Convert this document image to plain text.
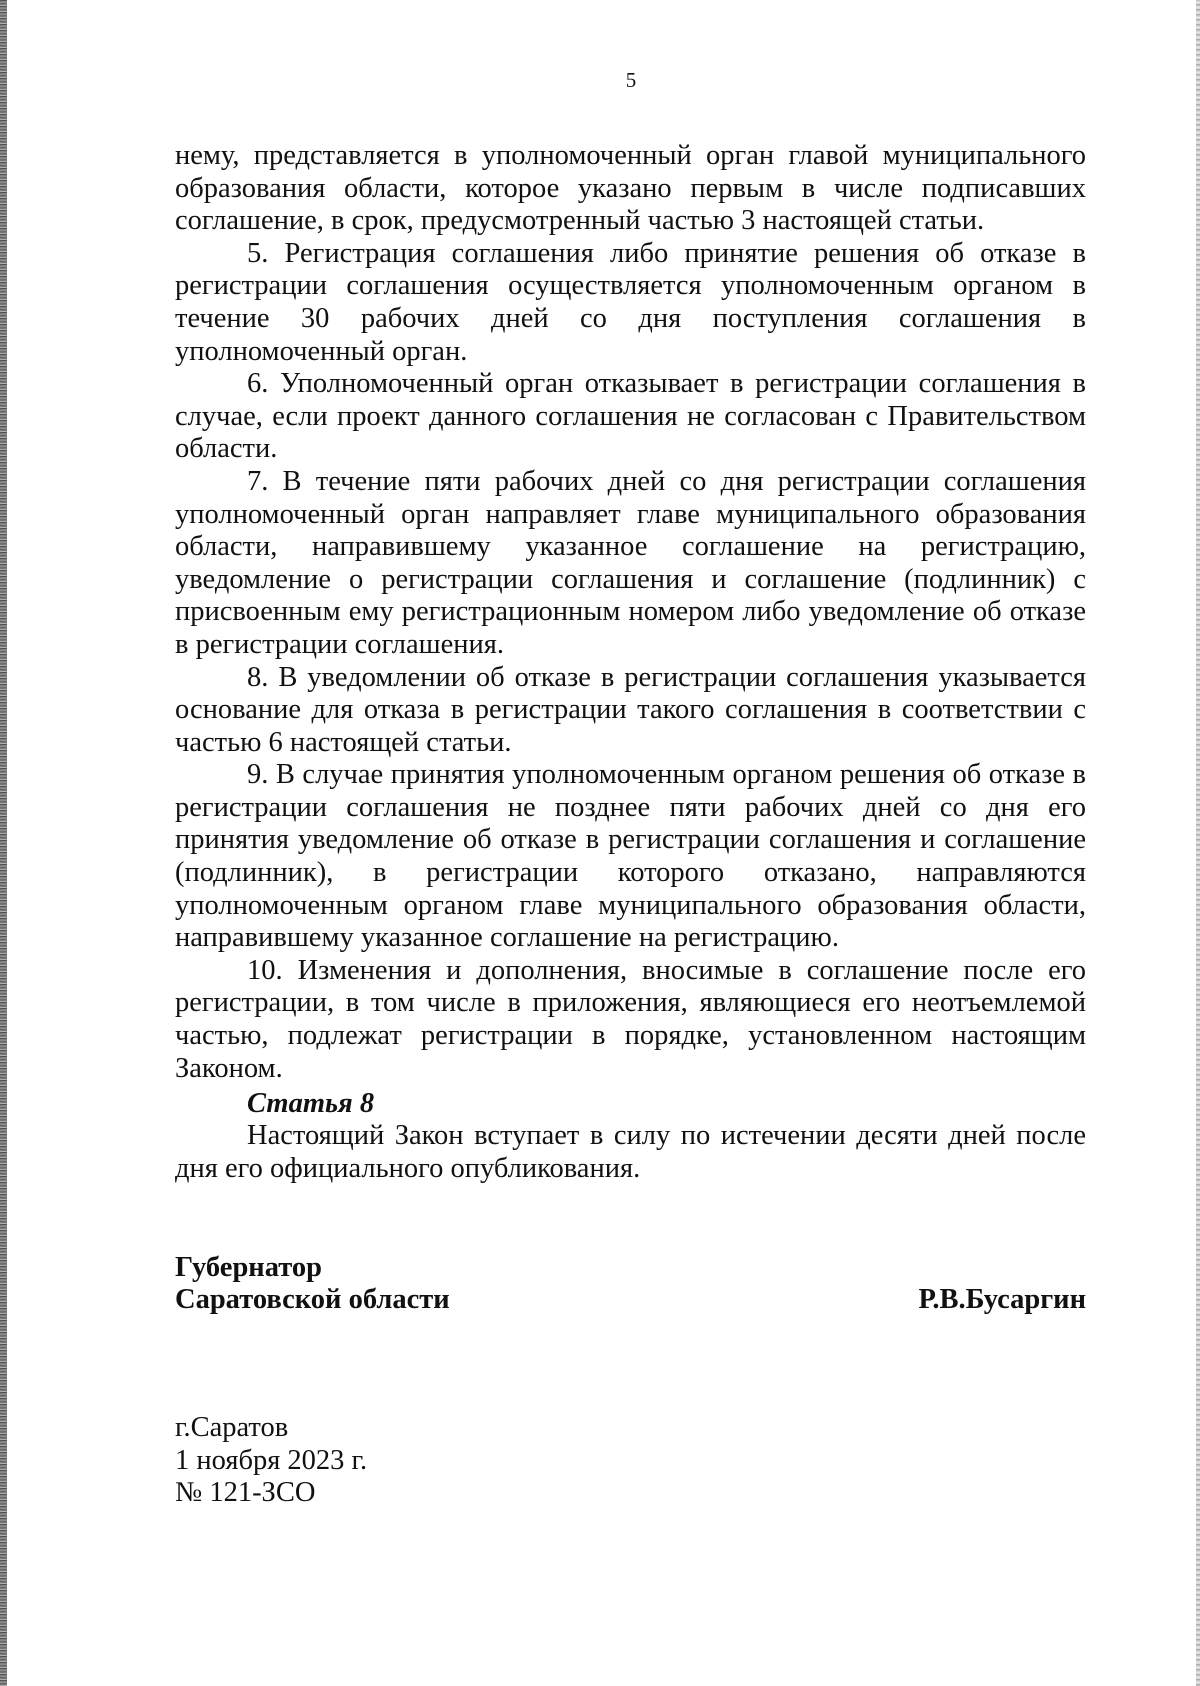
5

нему, представляется в уполномоченный орган главой муниципального образования области, которое указано первым в числе подписавших соглашение, в срок, предусмотренный частью 3 настоящей статьи.

5. Регистрация соглашения либо принятие решения об отказе в регистрации соглашения осуществляется уполномоченным органом в течение 30 рабочих дней со дня поступления соглашения в уполномоченный орган.

6. Уполномоченный орган отказывает в регистрации соглашения в случае, если проект данного соглашения не согласован с Правительством области.

7. В течение пяти рабочих дней со дня регистрации соглашения уполномоченный орган направляет главе муниципального образования области, направившему указанное соглашение на регистрацию, уведомление о регистрации соглашения и соглашение (подлинник) с присвоенным ему регистрационным номером либо уведомление об отказе в регистрации соглашения.

8. В уведомлении об отказе в регистрации соглашения указывается основание для отказа в регистрации такого соглашения в соответствии с частью 6 настоящей статьи.

9. В случае принятия уполномоченным органом решения об отказе в регистрации соглашения не позднее пяти рабочих дней со дня его принятия уведомление об отказе в регистрации соглашения и соглашение (подлинник), в регистрации которого отказано, направляются уполномоченным органом главе муниципального образования области, направившему указанное соглашение на регистрацию.

10. Изменения и дополнения, вносимые в соглашение после его регистрации, в том числе в приложения, являющиеся его неотъемлемой частью, подлежат регистрации в порядке, установленном настоящим Законом.

Статья 8

Настоящий Закон вступает в силу по истечении десяти дней после дня его официального опубликования.

Губернатор
Саратовской области	Р.В.Бусаргин
г.Саратов
1 ноября 2023 г.
№ 121-ЗСО
